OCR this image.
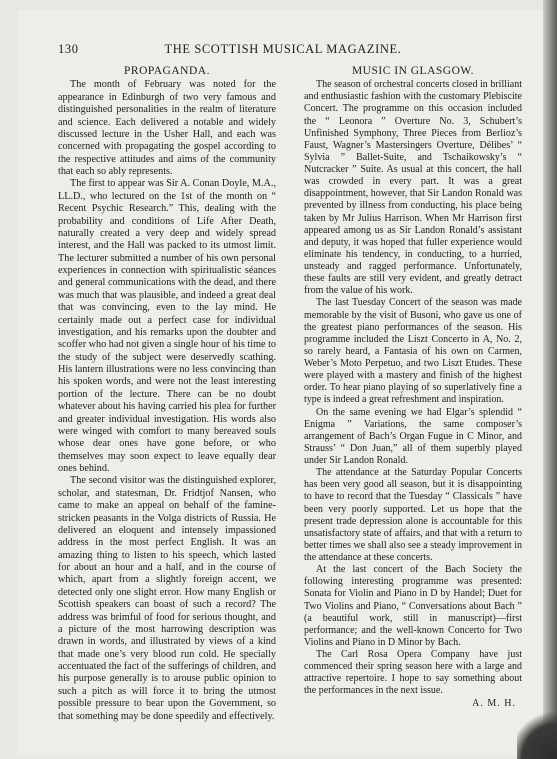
130	THE SCOTTISH MUSICAL MAGAZINE.
PROPAGANDA.

The month of February was noted for the appearance in Edinburgh of two very famous and distinguished personalities in the realm of literature and science. Each delivered a notable and widely discussed lecture in the Usher Hall, and each was concerned with propagating the gospel according to the respective attitudes and aims of the community that each so ably represents.

The first to appear was Sir A. Conan Doyle, M.A., LL.D., who lectured on the 1st of the month on “ Recent Psychic Research.” This, dealing with the probability and conditions of Life After Death, naturally created a very deep and widely spread interest, and the Hall was packed to its utmost limit. The lecturer submitted a number of his own personal experiences in connection with spiritualistic séances and general communications with the dead, and there was much that was plausible, and indeed a great deal that was convincing, even to the lay mind. He certainly made out a perfect case for individual investigation, and his remarks upon the doubter and scoffer who had not given a single hour of his time to the study of the subject were deservedly scathing. His lantern illustrations were no less convincing than his spoken words, and were not the least interesting portion of the lecture. There can be no doubt whatever about his having carried his plea for further and greater individual investigation. His words also were winged with comfort to many bereaved souls whose dear ones have gone before, or who themselves may soon expect to leave equally dear ones behind.

The second visitor was the distinguished explorer, scholar, and statesman, Dr. Fridtjof Nansen, who came to make an appeal on behalf of the famine-stricken peasants in the Volga districts of Russia. He delivered an eloquent and intensely impassioned address in the most perfect English. It was an amazing thing to listen to his speech, which lasted for about an hour and a half, and in the course of which, apart from a slightly foreign accent, we detected only one slight error. How many English or Scottish speakers can boast of such a record? The address was brimful of food for serious thought, and a picture of the most harrowing description was drawn in words, and illustrated by views of a kind that made one’s very blood run cold. He specially accentuated the fact of the sufferings of children, and his purpose generally is to arouse public opinion to such a pitch as will force it to bring the utmost possible pressure to bear upon the Government, so that something may be done speedily and effectively.

MUSIC IN GLASGOW.

The season of orchestral concerts closed in brilliant and enthusiastic fashion with the customary Plebiscite Concert. The programme on this occasion included the “ Leonora ” Overture No. 3, Schubert’s Unfinished Symphony, Three Pieces from Berlioz’s Faust, Wagner’s Mastersingers Overture, Délibes’ “ Sylvia ” Ballet-Suite, and Tschaikowsky’s “ Nutcracker ” Suite. As usual at this concert, the hall was crowded in every part. It was a great disappointment, however, that Sir Landon Ronald was prevented by illness from conducting, his place being taken by Mr Julius Harrison. When Mr Harrison first appeared among us as Sir Landon Ronald’s assistant and deputy, it was hoped that fuller experience would eliminate his tendency, in conducting, to a hurried, unsteady and ragged performance. Unfortunately, these faults are still very evident, and greatly detract from the value of his work.

The last Tuesday Concert of the season was made memorable by the visit of Busoni, who gave us one of the greatest piano performances of the season. His programme included the Liszt Concerto in A, No. 2, so rarely heard, a Fantasia of his own on Carmen, Weber’s Moto Perpetuo, and two Liszt Etudes. These were played with a mastery and finish of the highest order. To hear piano playing of so superlatively fine a type is indeed a great refreshment and inspiration.

On the same evening we had Elgar’s splendid “ Enigma ” Variations, the same composer’s arrangement of Bach’s Organ Fugue in C Minor, and Strauss’ “ Don Juan,” all of them superbly played under Sir Landon Ronald.

The attendance at the Saturday Popular Concerts has been very good all season, but it is disappointing to have to record that the Tuesday “ Classicals ” have been very poorly supported. Let us hope that the present trade depression alone is accountable for this unsatisfactory state of affairs, and that with a return to better times we shall also see a steady improvement in the attendance at these concerts.

At the last concert of the Bach Society the following interesting programme was presented: Sonata for Violin and Piano in D by Handel; Duet for Two Violins and Piano, “ Conversations about Bach ” (a beautiful work, still in manuscript)—first performance; and the well-known Concerto for Two Violins and Piano in D Minor by Bach.

The Carl Rosa Opera Company have just commenced their spring season here with a large and attractive repertoire. I hope to say something about the performances in the next issue.

A. M. H.
